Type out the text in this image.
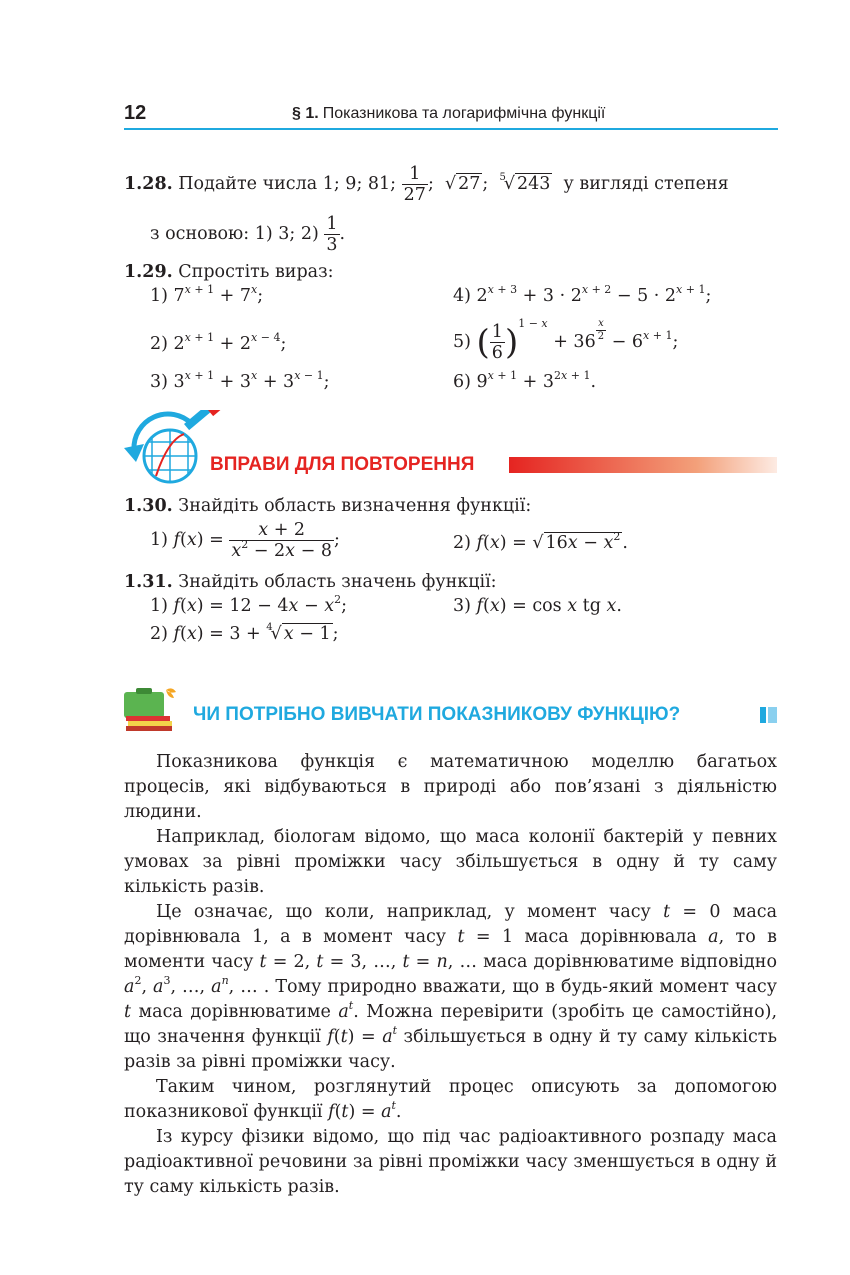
12	§ 1. Показникова та логарифмічна функції
1.28. Подайте числа 1; 9; 81; $\frac{1}{27}$ ;  √ 27 ;  $^5$√ 243 у вигляді степеня
з основою: 1) 3; $2) \frac{1}{3}$ .
1.29. Спростіть вираз:
1) $7^{x + 1} + 7^x$;	4) $2^{x + 3} + 3 \cdot 2^{x + 2} - 5 \cdot 2^{x + 1}$;
2) $2^{x + 1} + 2^{x - 4}$;	5) ( $\frac{1}{6} )^{1 - x} + 36$ $^{\frac{x}{2}} - 6^{x + 1}$;
3) $3^{x + 1} + 3^x + 3^{x - 1}$;	6) $9^{x + 1} + 3^{2x + 1}$.
ВПРАВИ ДЛЯ ПОВТОРЕННЯ
1.30. Знайдіть область визначення функції:
1) $f(x) = \frac{x + 2}{x^2 - 2x - 8}$ ;	2) f(x) = √ $16x - x^2$ .
1.31. Знайдіть область значень функції:
1) $f(x) = 12 - 4x - x^2$;	3) f(x) = cos x tg x.
2) f(x) = 3 + $^4$√ x − 1 ;
ЧИ ПОТРІБНО ВИВЧАТИ ПОКАЗНИКОВУ ФУНКЦІЮ?

Показникова функція є математичною моделлю багатьох процесів, які відбуваються в природі або пов’язані з діяльністю людини.

Наприклад, біологам відомо, що маса колонії бактерій у певних умовах за рівні проміжки часу збільшується в одну й ту саму кількість разів.

Це означає, що коли, наприклад, у момент часу t = 0 маса дорівнювала 1, а в момент часу t = 1 маса дорівнювала a, то в моменти часу t = 2, t = 3, …, t = n, … маса дорівнюватиме відповідно $a^2$, $a^3$, …, $a^n$, … . Тому природно вважати, що в будь-який момент часу t маса дорівнюватиме $a^t$. Можна перевірити (зробіть це самостійно), що значення функції $f(t) = a^t$ збільшується в одну й ту саму кількість разів за рівні проміжки часу.

Таким чином, розглянутий процес описують за допомогою показникової функції $f(t) = a^t$.

Із курсу фізики відомо, що під час радіоактивного розпаду маса радіоактивної речовини за рівні проміжки часу зменшується в одну й ту саму кількість разів.
